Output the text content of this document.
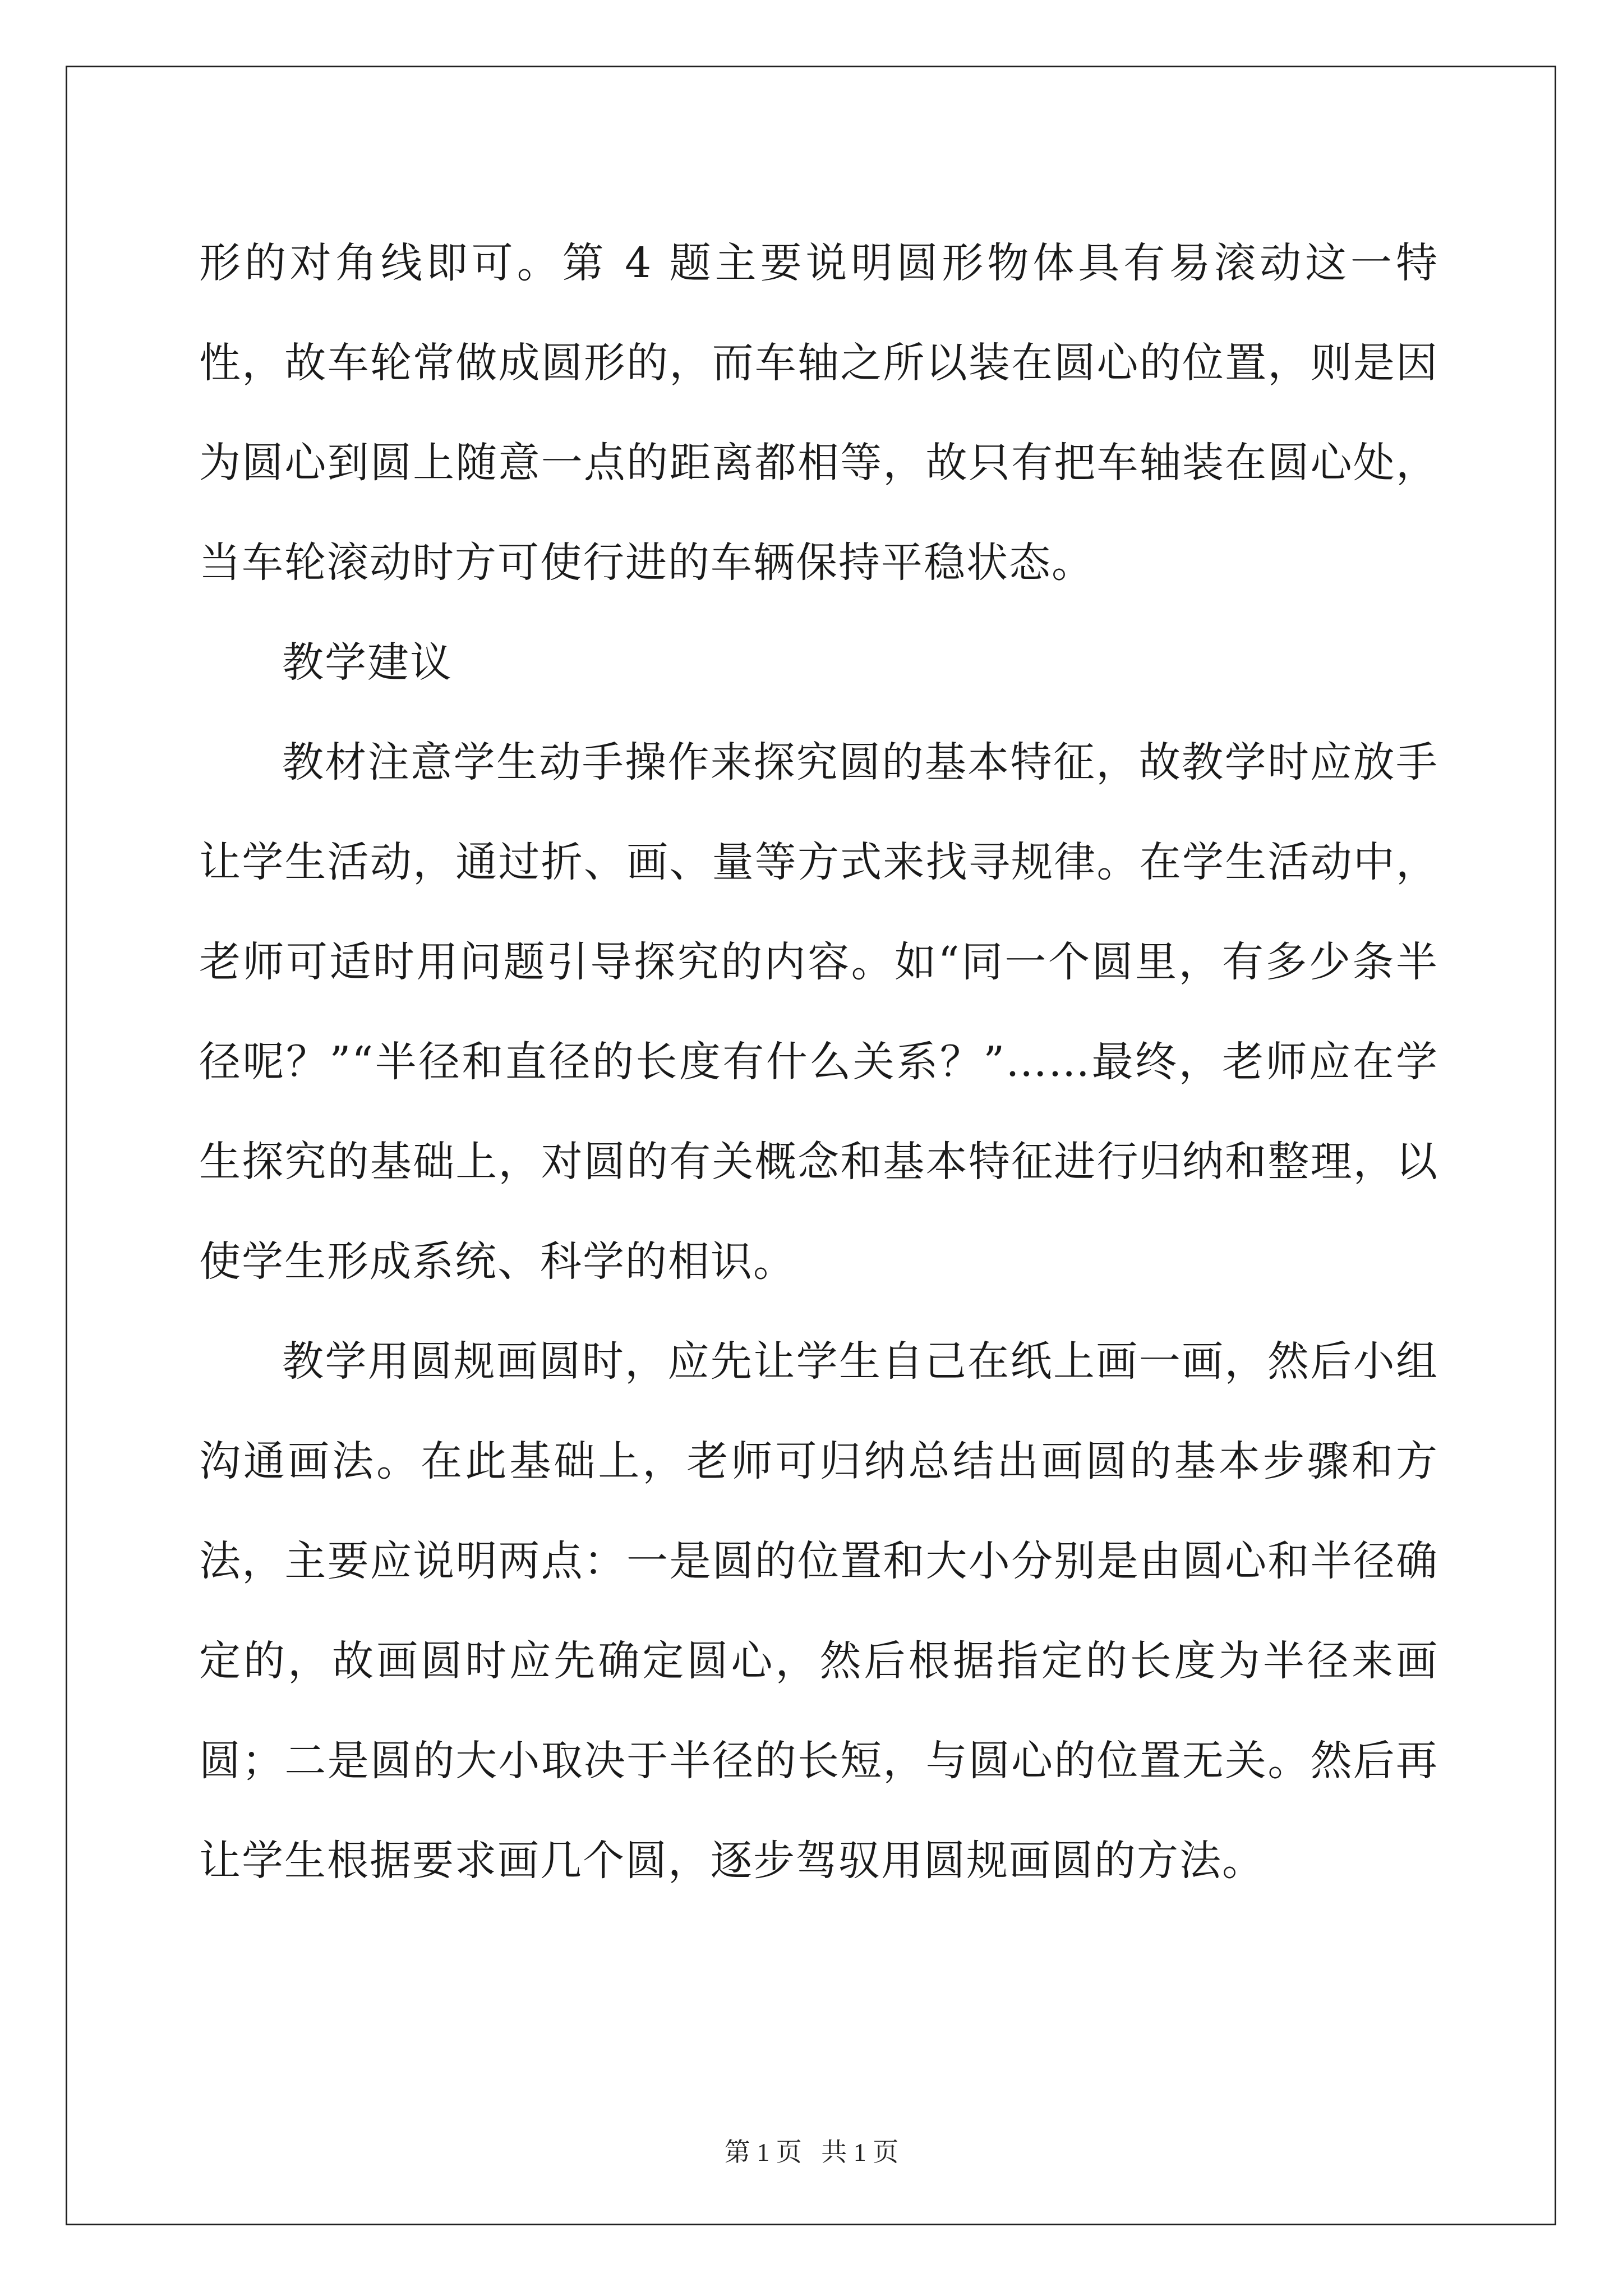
形的对角线即可。第 4 题主要说明圆形物体具有易滚动这一特性，故车轮常做成圆形的，而车轴之所以装在圆心的位置，则是因为圆心到圆上随意一点的距离都相等，故只有把车轴装在圆心处，当车轮滚动时方可使行进的车辆保持平稳状态。

教学建议

教材注意学生动手操作来探究圆的基本特征，故教学时应放手让学生活动，通过折、画、量等方式来找寻规律。在学生活动中，老师可适时用问题引导探究的内容。如“同一个圆里，有多少条半径呢？”“半径和直径的长度有什么关系？”……最终，老师应在学生探究的基础上，对圆的有关概念和基本特征进行归纳和整理，以使学生形成系统、科学的相识。

教学用圆规画圆时，应先让学生自己在纸上画一画，然后小组沟通画法。在此基础上，老师可归纳总结出画圆的基本步骤和方法，主要应说明两点：一是圆的位置和大小分别是由圆心和半径确定的，故画圆时应先确定圆心，然后根据指定的长度为半径来画圆；二是圆的大小取决于半径的长短，与圆心的位置无关。然后再让学生根据要求画几个圆，逐步驾驭用圆规画圆的方法。

第 1 页   共 1 页
